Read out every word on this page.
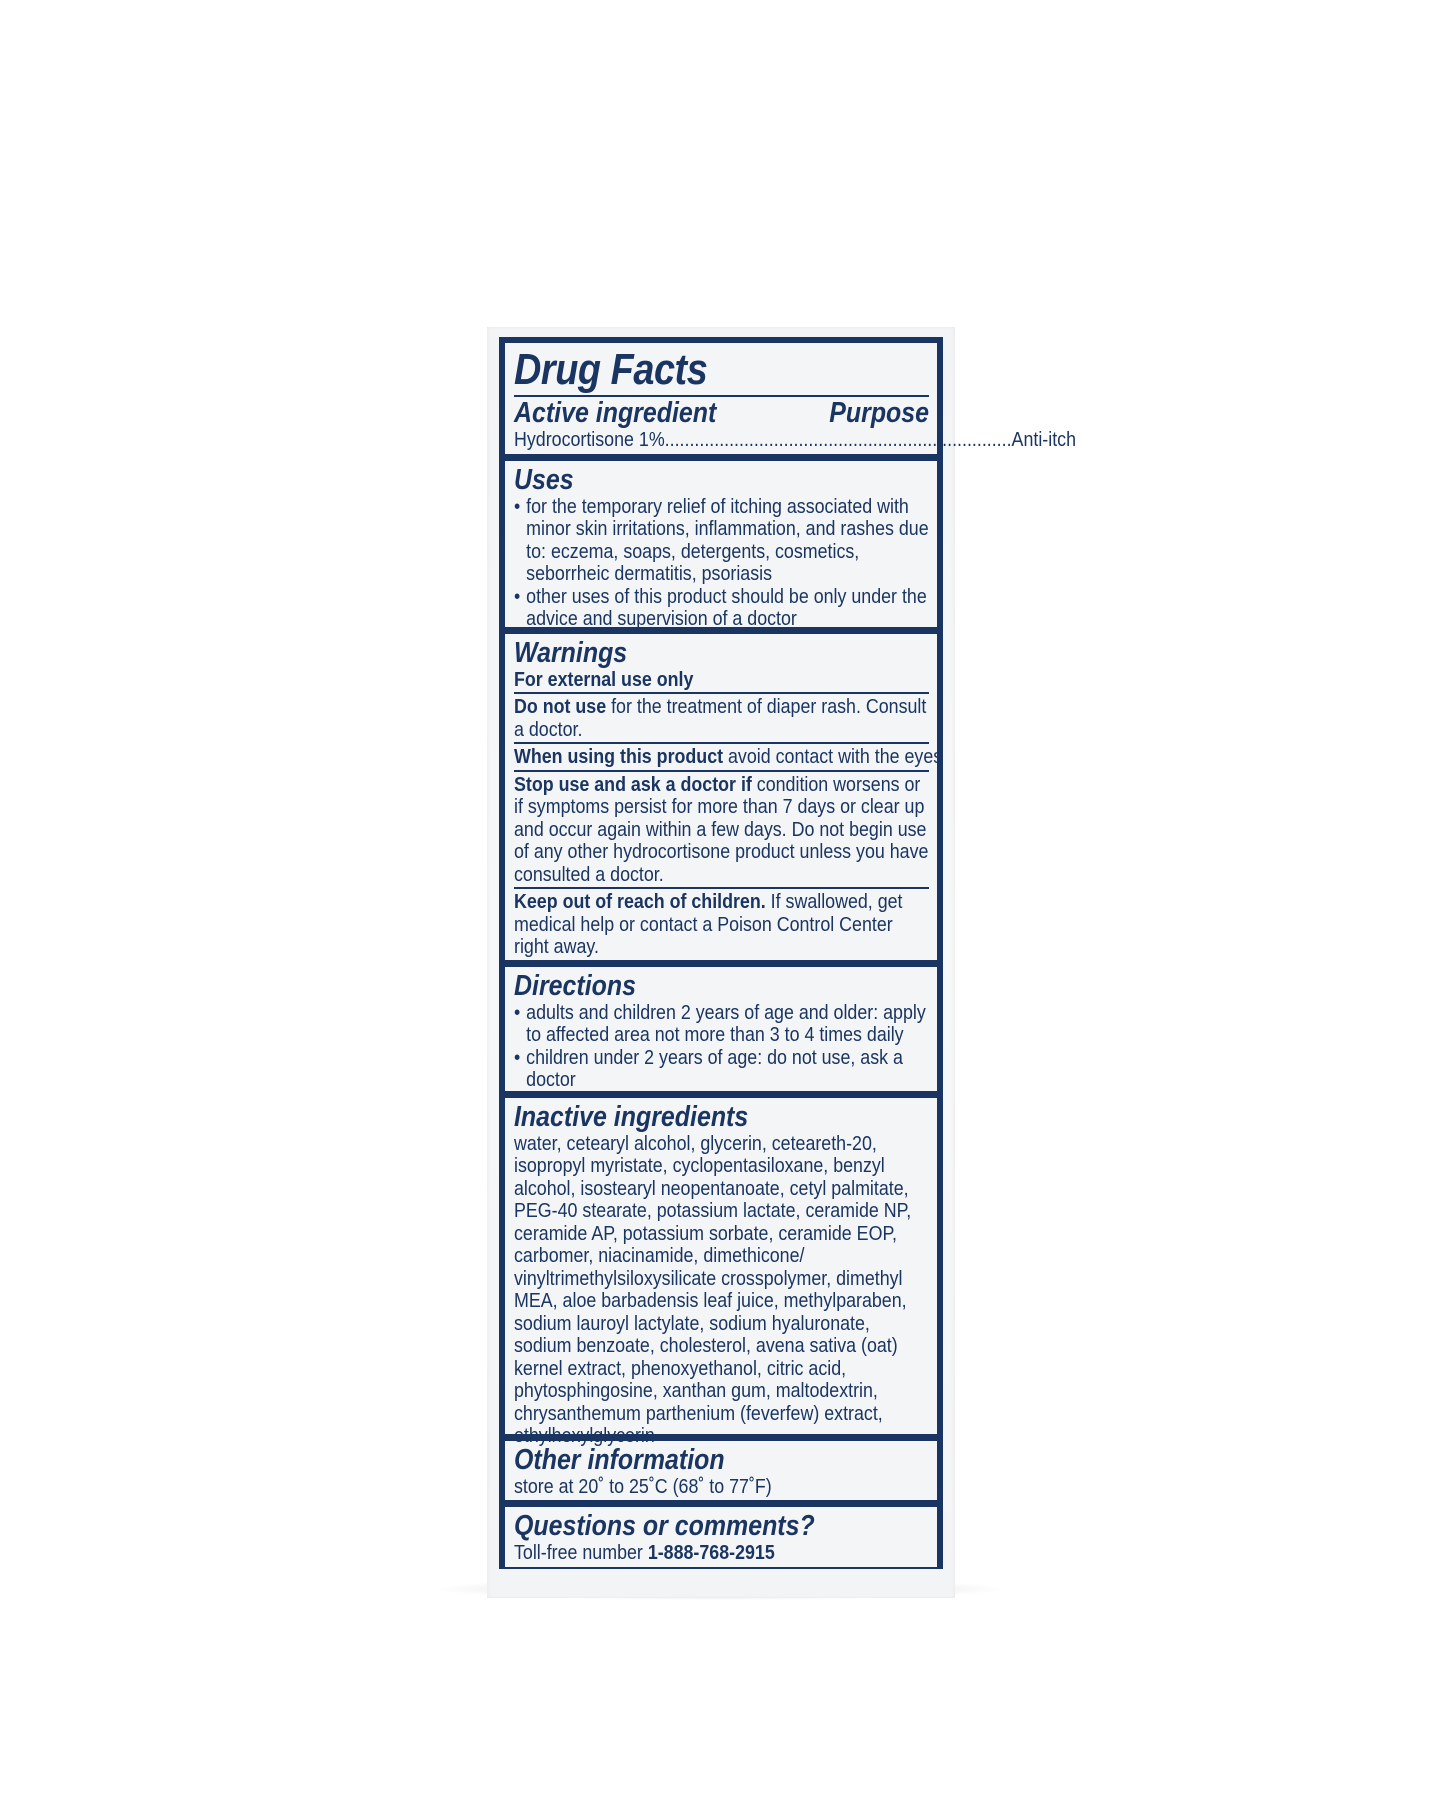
Drug Facts
Active ingredient	Purpose
Hydrocortisone 1% ...................................................................... Anti-itch
Uses
• for the temporary relief of itching associated with minor skin irritations, inflammation, and rashes due to: eczema, soaps, detergents, cosmetics, seborrheic dermatitis, psoriasis
• other uses of this product should be only under the advice and supervision of a doctor
Warnings
For external use only
Do not use for the treatment of diaper rash. Consult a doctor.
When using this product avoid contact with the eyes
Stop use and ask a doctor if condition worsens or if symptoms persist for more than 7 days or clear up and occur again within a few days. Do not begin use of any other hydrocortisone product unless you have consulted a doctor.
Keep out of reach of children. If swallowed, get medical help or contact a Poison Control Center right away.
Directions
• adults and children 2 years of age and older: apply to affected area not more than 3 to 4 times daily
• children under 2 years of age: do not use, ask a doctor
Inactive ingredients
water, cetearyl alcohol, glycerin, ceteareth-20, isopropyl myristate, cyclopentasiloxane, benzyl alcohol, isostearyl neopentanoate, cetyl palmitate, PEG-40 stearate, potassium lactate, ceramide NP, ceramide AP, potassium sorbate, ceramide EOP, carbomer, niacinamide, dimethicone/ vinyltrimethylsiloxysilicate crosspolymer, dimethyl MEA, aloe barbadensis leaf juice, methylparaben, sodium lauroyl lactylate, sodium hyaluronate, sodium benzoate, cholesterol, avena sativa (oat) kernel extract, phenoxyethanol, citric acid, phytosphingosine, xanthan gum, maltodextrin, chrysanthemum parthenium (feverfew) extract, ethylhexylglycerin
Other information
store at 20˚ to 25˚C (68˚ to 77˚F)
Questions or comments?
Toll-free number 1-888-768-2915
